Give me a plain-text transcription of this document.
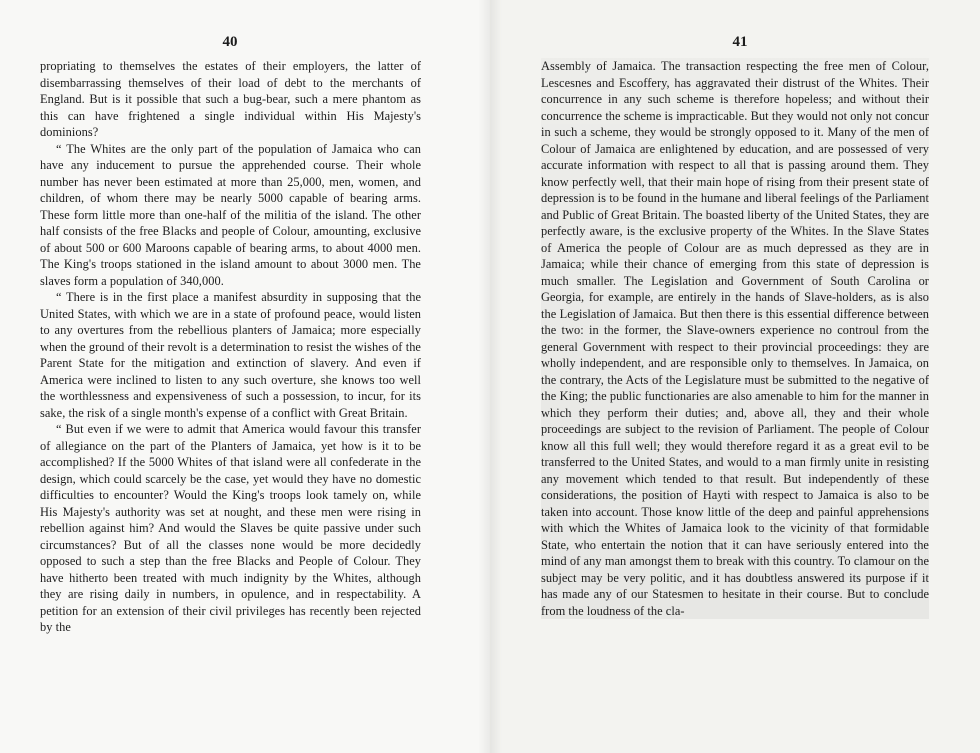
40

propriating to themselves the estates of their employers, the latter of disembarrassing themselves of their load of debt to the merchants of England. But is it possible that such a bug-bear, such a mere phantom as this can have frightened a single individual within His Majesty's dominions?

“ The Whites are the only part of the population of Jamaica who can have any inducement to pursue the apprehended course. Their whole number has never been estimated at more than 25,000, men, women, and children, of whom there may be nearly 5000 capable of bearing arms. These form little more than one-half of the militia of the island. The other half consists of the free Blacks and people of Colour, amounting, exclusive of about 500 or 600 Maroons capable of bearing arms, to about 4000 men. The King's troops stationed in the island amount to about 3000 men. The slaves form a population of 340,000.

“ There is in the first place a manifest absurdity in supposing that the United States, with which we are in a state of profound peace, would listen to any overtures from the rebellious planters of Jamaica; more especially when the ground of their revolt is a determination to resist the wishes of the Parent State for the mitigation and extinction of slavery. And even if America were inclined to listen to any such overture, she knows too well the worthlessness and expensiveness of such a possession, to incur, for its sake, the risk of a single month's expense of a conflict with Great Britain.

“ But even if we were to admit that America would favour this transfer of allegiance on the part of the Planters of Jamaica, yet how is it to be accomplished? If the 5000 Whites of that island were all confederate in the design, which could scarcely be the case, yet would they have no domestic difficulties to encounter? Would the King's troops look tamely on, while His Majesty's authority was set at nought, and these men were rising in rebellion against him? And would the Slaves be quite passive under such circumstances? But of all the classes none would be more decidedly opposed to such a step than the free Blacks and People of Colour. They have hitherto been treated with much indignity by the Whites, although they are rising daily in numbers, in opulence, and in respectability. A petition for an extension of their civil privileges has recently been rejected by the

41

Assembly of Jamaica. The transaction respecting the free men of Colour, Lescesnes and Escoffery, has aggravated their distrust of the Whites. Their concurrence in any such scheme is therefore hopeless; and without their concurrence the scheme is impracticable. But they would not only not concur in such a scheme, they would be strongly opposed to it. Many of the men of Colour of Jamaica are enlightened by education, and are possessed of very accurate information with respect to all that is passing around them. They know perfectly well, that their main hope of rising from their present state of depression is to be found in the humane and liberal feelings of the Parliament and Public of Great Britain. The boasted liberty of the United States, they are perfectly aware, is the exclusive property of the Whites. In the Slave States of America the people of Colour are as much depressed as they are in Jamaica; while their chance of emerging from this state of depression is much smaller. The Legislation and Government of South Carolina or Georgia, for example, are entirely in the hands of Slave-holders, as is also the Legislation of Jamaica. But then there is this essential difference between the two: in the former, the Slave-owners experience no controul from the general Government with respect to their provincial proceedings: they are wholly independent, and are responsible only to themselves. In Jamaica, on the contrary, the Acts of the Legislature must be submitted to the negative of the King; the public functionaries are also amenable to him for the manner in which they perform their duties; and, above all, they and their whole proceedings are subject to the revision of Parliament. The people of Colour know all this full well; they would therefore regard it as a great evil to be transferred to the United States, and would to a man firmly unite in resisting any movement which tended to that result. But independently of these considerations, the position of Hayti with respect to Jamaica is also to be taken into account. Those know little of the deep and painful apprehensions with which the Whites of Jamaica look to the vicinity of that formidable State, who entertain the notion that it can have seriously entered into the mind of any man amongst them to break with this country. To clamour on the subject may be very politic, and it has doubtless answered its purpose if it has made any of our Statesmen to hesitate in their course. But to conclude from the loudness of the cla-
